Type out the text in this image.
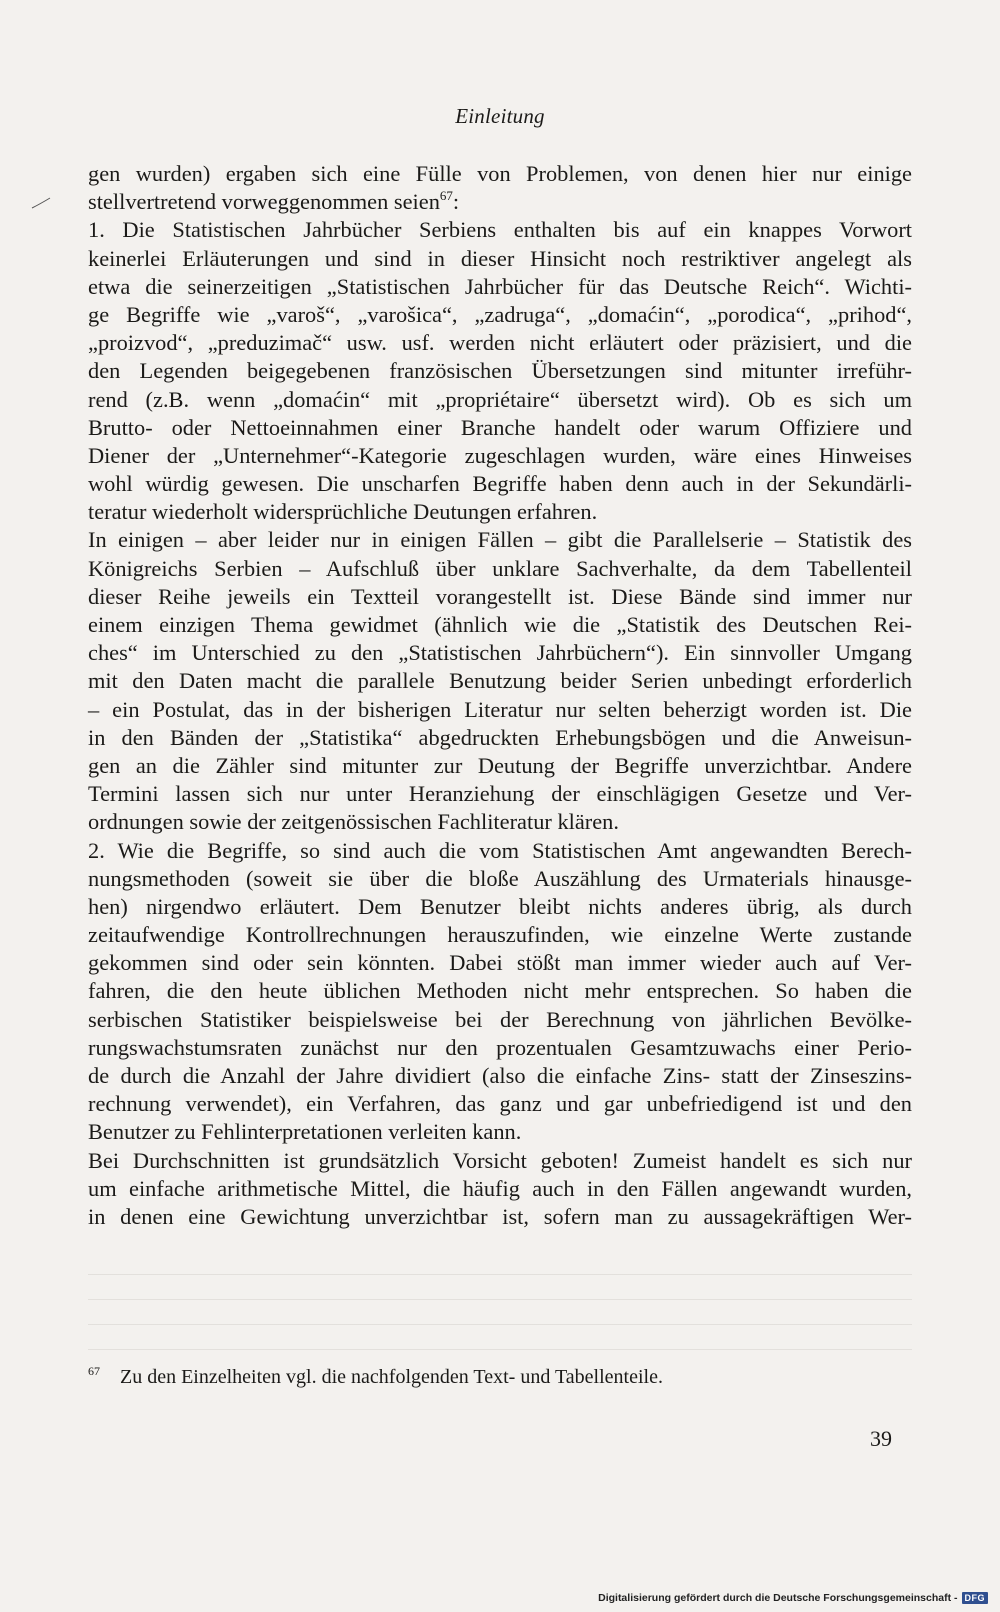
Einleitung
gen wurden) ergaben sich eine Fülle von Problemen, von denen hier nur einige
stellvertretend vorweggenommen seien$^{67}$:
1. Die Statistischen Jahrbücher Serbiens enthalten bis auf ein knappes Vorwort
keinerlei Erläuterungen und sind in dieser Hinsicht noch restriktiver angelegt als
etwa die seinerzeitigen „Statistischen Jahrbücher für das Deutsche Reich“. Wichti-
ge Begriffe wie „varoš“, „varošica“, „zadruga“, „domaćin“, „porodica“, „prihod“,
„proizvod“, „preduzimač“ usw. usf. werden nicht erläutert oder präzisiert, und die
den Legenden beigegebenen französischen Übersetzungen sind mitunter irreführ-
rend (z.B. wenn „domaćin“ mit „propriétaire“ übersetzt wird). Ob es sich um
Brutto- oder Nettoeinnahmen einer Branche handelt oder warum Offiziere und
Diener der „Unternehmer“-Kategorie zugeschlagen wurden, wäre eines Hinweises
wohl würdig gewesen. Die unscharfen Begriffe haben denn auch in der Sekundärli-
teratur wiederholt widersprüchliche Deutungen erfahren.
In einigen – aber leider nur in einigen Fällen – gibt die Parallelserie – Statistik des
Königreichs Serbien – Aufschluß über unklare Sachverhalte, da dem Tabellenteil
dieser Reihe jeweils ein Textteil vorangestellt ist. Diese Bände sind immer nur
einem einzigen Thema gewidmet (ähnlich wie die „Statistik des Deutschen Rei-
ches“ im Unterschied zu den „Statistischen Jahrbüchern“). Ein sinnvoller Umgang
mit den Daten macht die parallele Benutzung beider Serien unbedingt erforderlich
– ein Postulat, das in der bisherigen Literatur nur selten beherzigt worden ist. Die
in den Bänden der „Statistika“ abgedruckten Erhebungsbögen und die Anweisun-
gen an die Zähler sind mitunter zur Deutung der Begriffe unverzichtbar. Andere
Termini lassen sich nur unter Heranziehung der einschlägigen Gesetze und Ver-
ordnungen sowie der zeitgenössischen Fachliteratur klären.
2. Wie die Begriffe, so sind auch die vom Statistischen Amt angewandten Berech-
nungsmethoden (soweit sie über die bloße Auszählung des Urmaterials hinausge-
hen) nirgendwo erläutert. Dem Benutzer bleibt nichts anderes übrig, als durch
zeitaufwendige Kontrollrechnungen herauszufinden, wie einzelne Werte zustande
gekommen sind oder sein könnten. Dabei stößt man immer wieder auch auf Ver-
fahren, die den heute üblichen Methoden nicht mehr entsprechen. So haben die
serbischen Statistiker beispielsweise bei der Berechnung von jährlichen Bevölke-
rungswachstumsraten zunächst nur den prozentualen Gesamtzuwachs einer Perio-
de durch die Anzahl der Jahre dividiert (also die einfache Zins- statt der Zinseszins-
rechnung verwendet), ein Verfahren, das ganz und gar unbefriedigend ist und den
Benutzer zu Fehlinterpretationen verleiten kann.
Bei Durchschnitten ist grundsätzlich Vorsicht geboten! Zumeist handelt es sich nur
um einfache arithmetische Mittel, die häufig auch in den Fällen angewandt wurden,
in denen eine Gewichtung unverzichtbar ist, sofern man zu aussagekräftigen Wer-
$^{67}$ Zu den Einzelheiten vgl. die nachfolgenden Text- und Tabellenteile.
39
Digitalisierung gefördert durch die Deutsche Forschungsgemeinschaft - DFG
